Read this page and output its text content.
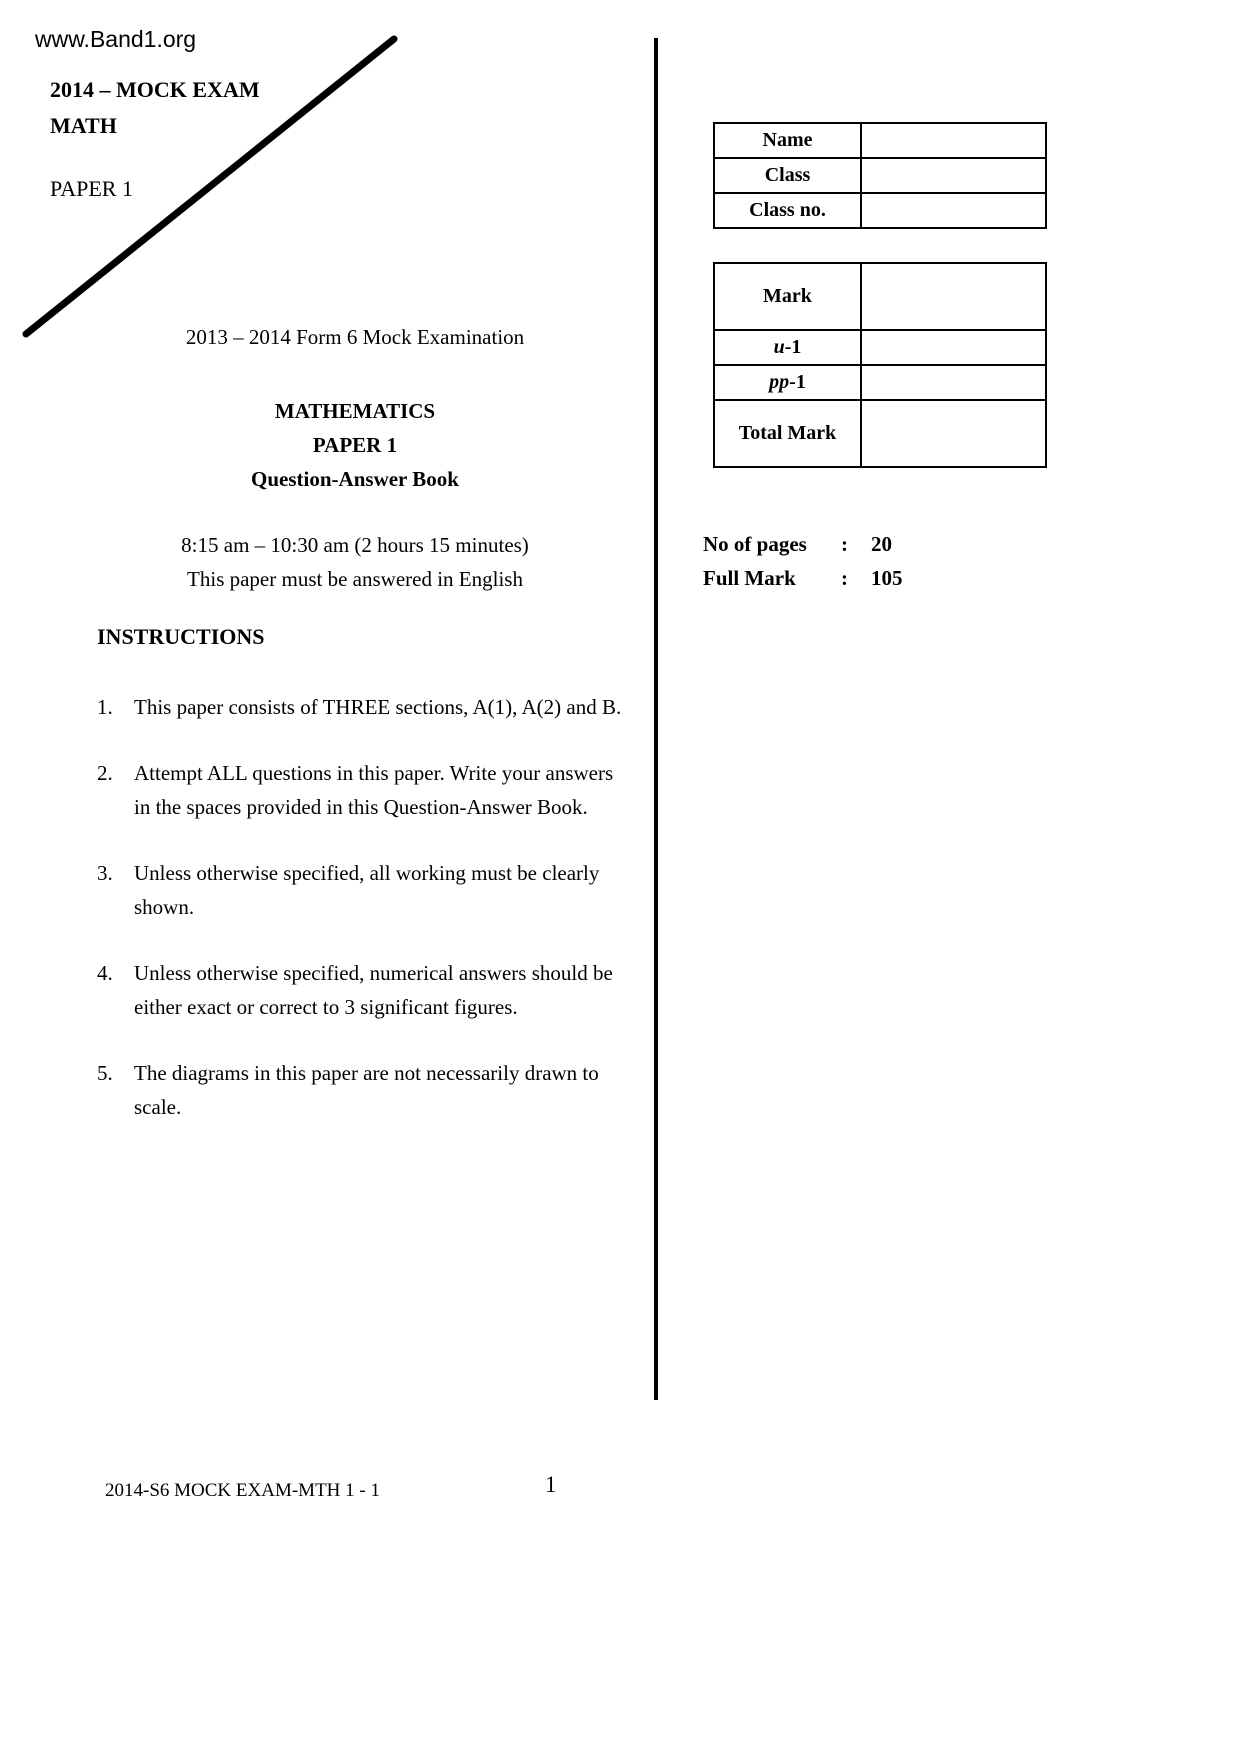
www.Band1.org
2014 – MOCK EXAM
MATH
PAPER 1
2013 – 2014 Form 6 Mock Examination
MATHEMATICS
PAPER 1
Question-Answer Book
8:15 am – 10:30 am (2 hours 15 minutes)
This paper must be answered in English
INSTRUCTIONS
1.	This paper consists of THREE sections, A(1), A(2) and B.
2.	Attempt ALL questions in this paper. Write your answers in the spaces provided in this Question-Answer Book.
3.	Unless otherwise specified, all working must be clearly shown.
4.	Unless otherwise specified, numerical answers should be either exact or correct to 3 significant figures.
5.	The diagrams in this paper are not necessarily drawn to scale.
Name	
Class	
Class no.	
Mark	
u-1	
pp-1	
Total Mark	
No of pages	:	20
Full Mark	:	105
2014-S6 MOCK EXAM-MTH 1 - 1	1
